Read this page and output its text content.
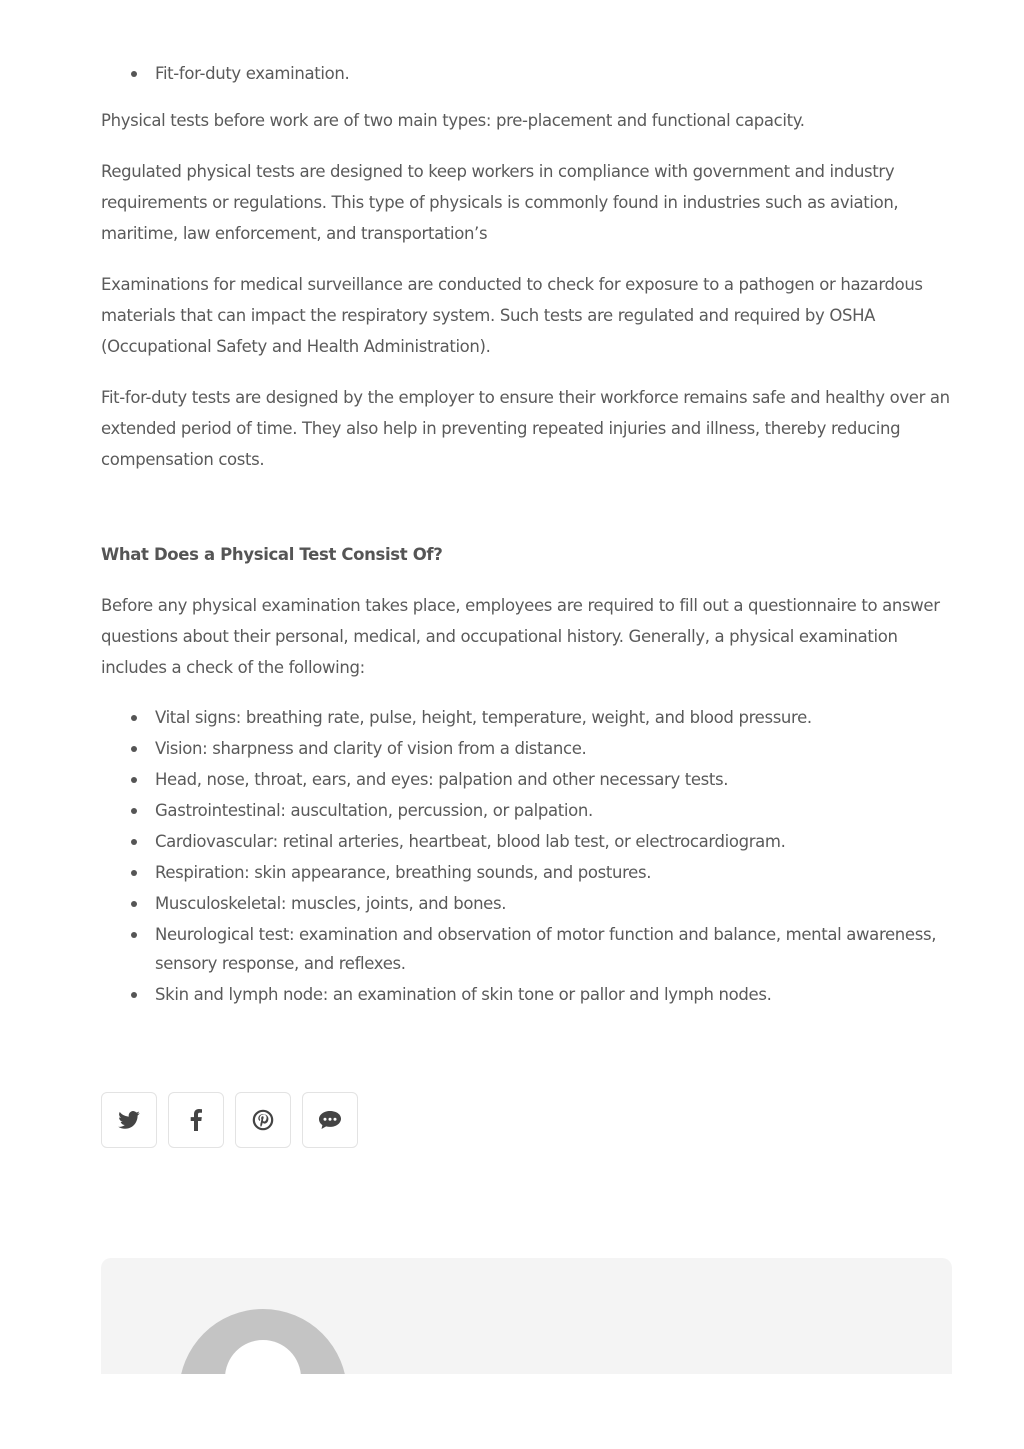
Fit-for-duty examination.

Physical tests before work are of two main types: pre-placement and functional capacity.

Regulated physical tests are designed to keep workers in compliance with government and industry requirements or regulations. This type of physicals is commonly found in industries such as aviation, maritime, law enforcement, and transportation’s

Examinations for medical surveillance are conducted to check for exposure to a pathogen or hazardous materials that can impact the respiratory system. Such tests are regulated and required by OSHA (Occupational Safety and Health Administration).

Fit-for-duty tests are designed by the employer to ensure their workforce remains safe and healthy over an extended period of time. They also help in preventing repeated injuries and illness, thereby reducing compensation costs.

What Does a Physical Test Consist Of?

Before any physical examination takes place, employees are required to fill out a questionnaire to answer questions about their personal, medical, and occupational history. Generally, a physical examination includes a check of the following:

Vital signs: breathing rate, pulse, height, temperature, weight, and blood pressure.
Vision: sharpness and clarity of vision from a distance.
Head, nose, throat, ears, and eyes: palpation and other necessary tests.
Gastrointestinal: auscultation, percussion, or palpation.
Cardiovascular: retinal arteries, heartbeat, blood lab test, or electrocardiogram.
Respiration: skin appearance, breathing sounds, and postures.
Musculoskeletal: muscles, joints, and bones.
Neurological test: examination and observation of motor function and balance, mental awareness, sensory response, and reflexes.
Skin and lymph node: an examination of skin tone or pallor and lymph nodes.
